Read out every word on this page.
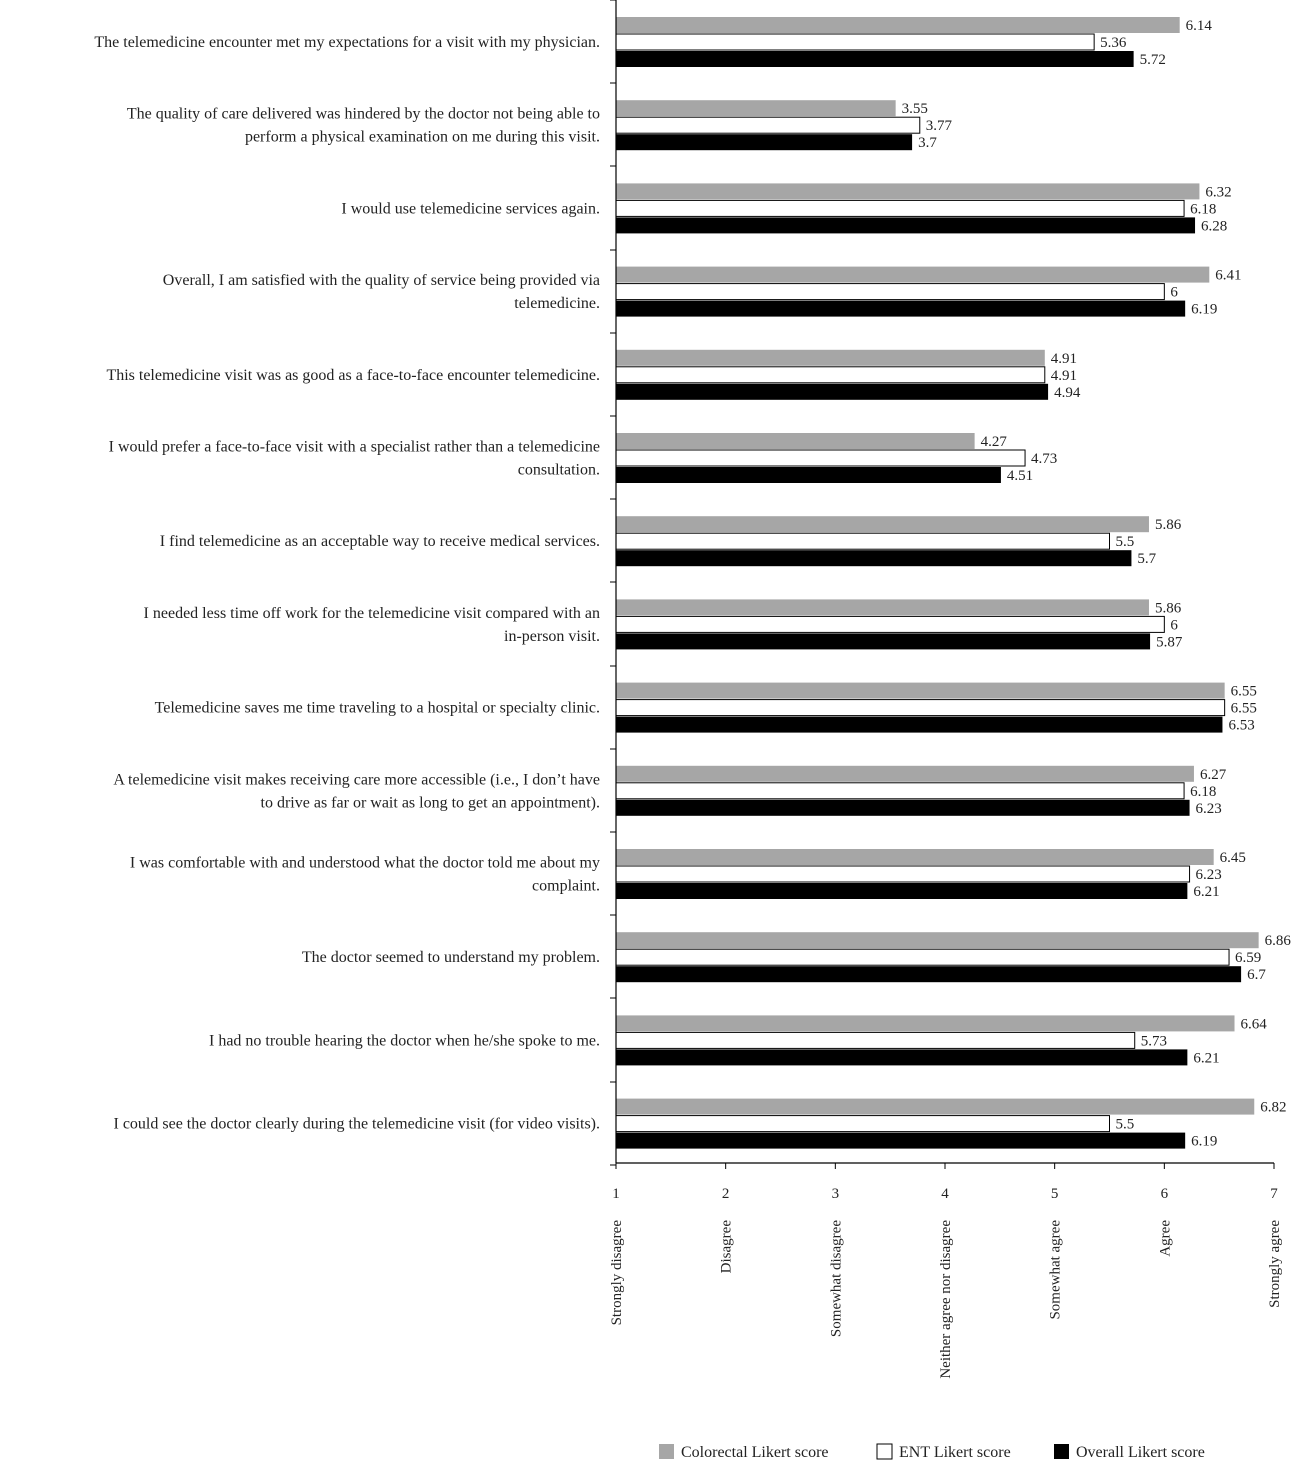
6.14
5.36
5.72
3.55
3.77
3.7
6.32
6.18
6.28
6.41
6
6.19
4.91
4.91
4.94
4.27
4.73
4.51
5.86
5.5
5.7
5.86
6
5.87
6.55
6.55
6.53
6.27
6.18
6.23
6.45
6.23
6.21
6.86
6.59
6.7
6.64
5.73
6.21
6.82
5.5
6.19
1
Strongly disagree
2
Disagree
3
Somewhat disagree
4
Neither agree nor disagree
5
Somewhat agree
6
Agree
7
Strongly agree
The telemedicine encounter met my expectations for a visit with my physician.
The quality of care delivered was hindered by the doctor not being able to
perform a physical examination on me during this visit.
I would use telemedicine services again.
Overall, I am satisfied with the quality of service being provided via
telemedicine.
This telemedicine visit was as good as a face-to-face encounter telemedicine.
I would prefer a face-to-face visit with a specialist rather than a telemedicine
consultation.
I find telemedicine as an acceptable way to receive medical services.
I needed less time off work for the telemedicine visit compared with an
in-person visit.
Telemedicine saves me time traveling to a hospital or specialty clinic.
A telemedicine visit makes receiving care more accessible (i.e., I don’t have
to drive as far or wait as long to get an appointment).
I was comfortable with and understood what the doctor told me about my
complaint.
The doctor seemed to understand my problem.
I had no trouble hearing the doctor when he/she spoke to me.
I could see the doctor clearly during the telemedicine visit (for video visits).
Colorectal Likert score	ENT Likert score	Overall Likert score
